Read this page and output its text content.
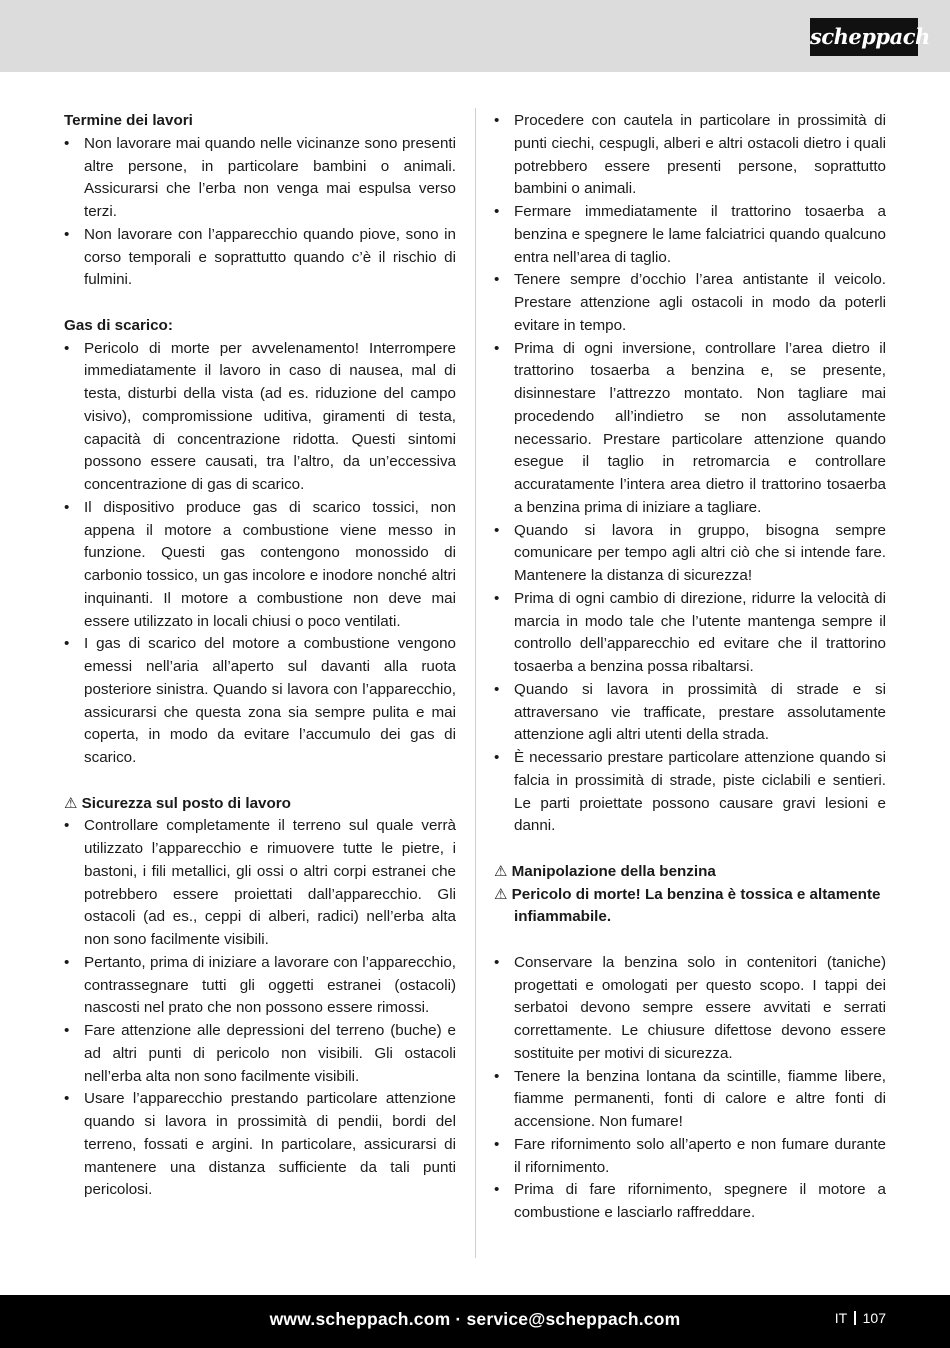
scheppach

Termine dei lavori

• Non lavorare mai quando nelle vicinanze sono presenti altre persone, in particolare bambini o animali. Assicurarsi che l’erba non venga mai espulsa verso terzi.
• Non lavorare con l’apparecchio quando piove, sono in corso temporali e soprattutto quando c’è il rischio di fulmini.

Gas di scarico:

• Pericolo di morte per avvelenamento! Interrompere immediatamente il lavoro in caso di nausea, mal di testa, disturbi della vista (ad es. riduzione del campo visivo), compromissione uditiva, giramenti di testa, capacità di concentrazione ridotta. Questi sintomi possono essere causati, tra l’altro, da un’eccessiva concentrazione di gas di scarico.
• Il dispositivo produce gas di scarico tossici, non appena il motore a combustione viene messo in funzione. Questi gas contengono monossido di carbonio tossico, un gas incolore e inodore nonché altri inquinanti. Il motore a combustione non deve mai essere utilizzato in locali chiusi o poco ventilati.
• I gas di scarico del motore a combustione vengono emessi nell’aria all’aperto sul davanti alla ruota posteriore sinistra. Quando si lavora con l’apparecchio, assicurarsi che questa zona sia sempre pulita e mai coperta, in modo da evitare l’accumulo dei gas di scarico.

⚠ Sicurezza sul posto di lavoro

• Controllare completamente il terreno sul quale verrà utilizzato l’apparecchio e rimuovere tutte le pietre, i bastoni, i fili metallici, gli ossi o altri corpi estranei che potrebbero essere proiettati dall’apparecchio. Gli ostacoli (ad es., ceppi di alberi, radici) nell’erba alta non sono facilmente visibili.
• Pertanto, prima di iniziare a lavorare con l’apparecchio, contrassegnare tutti gli oggetti estranei (ostacoli) nascosti nel prato che non possono essere rimossi.
• Fare attenzione alle depressioni del terreno (buche) e ad altri punti di pericolo non visibili. Gli ostacoli nell’erba alta non sono facilmente visibili.
• Usare l’apparecchio prestando particolare attenzione quando si lavora in prossimità di pendii, bordi del terreno, fossati e argini. In particolare, assicurarsi di mantenere una distanza sufficiente da tali punti pericolosi.
• Procedere con cautela in particolare in prossimità di punti ciechi, cespugli, alberi e altri ostacoli dietro i quali potrebbero essere presenti persone, soprattutto bambini o animali.
• Fermare immediatamente il trattorino tosaerba a benzina e spegnere le lame falciatrici quando qualcuno entra nell’area di taglio.
• Tenere sempre d’occhio l’area antistante il veicolo. Prestare attenzione agli ostacoli in modo da poterli evitare in tempo.
• Prima di ogni inversione, controllare l’area dietro il trattorino tosaerba a benzina e, se presente, disinnestare l’attrezzo montato. Non tagliare mai procedendo all’indietro se non assolutamente necessario. Prestare particolare attenzione quando esegue il taglio in retromarcia e controllare accuratamente l’intera area dietro il trattorino tosaerba a benzina prima di iniziare a tagliare.
• Quando si lavora in gruppo, bisogna sempre comunicare per tempo agli altri ciò che si intende fare. Mantenere la distanza di sicurezza!
• Prima di ogni cambio di direzione, ridurre la velocità di marcia in modo tale che l’utente mantenga sempre il controllo dell’apparecchio ed evitare che il trattorino tosaerba a benzina possa ribaltarsi.
• Quando si lavora in prossimità di strade e si attraversano vie trafficate, prestare assolutamente attenzione agli altri utenti della strada.
• È necessario prestare particolare attenzione quando si falcia in prossimità di strade, piste ciclabili e sentieri. Le parti proiettate possono causare gravi lesioni e danni.

⚠ Manipolazione della benzina

⚠ Pericolo di morte! La benzina è tossica e altamente infiammabile.

• Conservare la benzina solo in contenitori (taniche) progettati e omologati per questo scopo. I tappi dei serbatoi devono sempre essere avvitati e serrati correttamente. Le chiusure difettose devono essere sostituite per motivi di sicurezza.
• Tenere la benzina lontana da scintille, fiamme libere, fiamme permanenti, fonti di calore e altre fonti di accensione. Non fumare!
• Fare rifornimento solo all’aperto e non fumare durante il rifornimento.
• Prima di fare rifornimento, spegnere il motore a combustione e lasciarlo raffreddare.
www.scheppach.com · service@scheppach.com	IT 107
